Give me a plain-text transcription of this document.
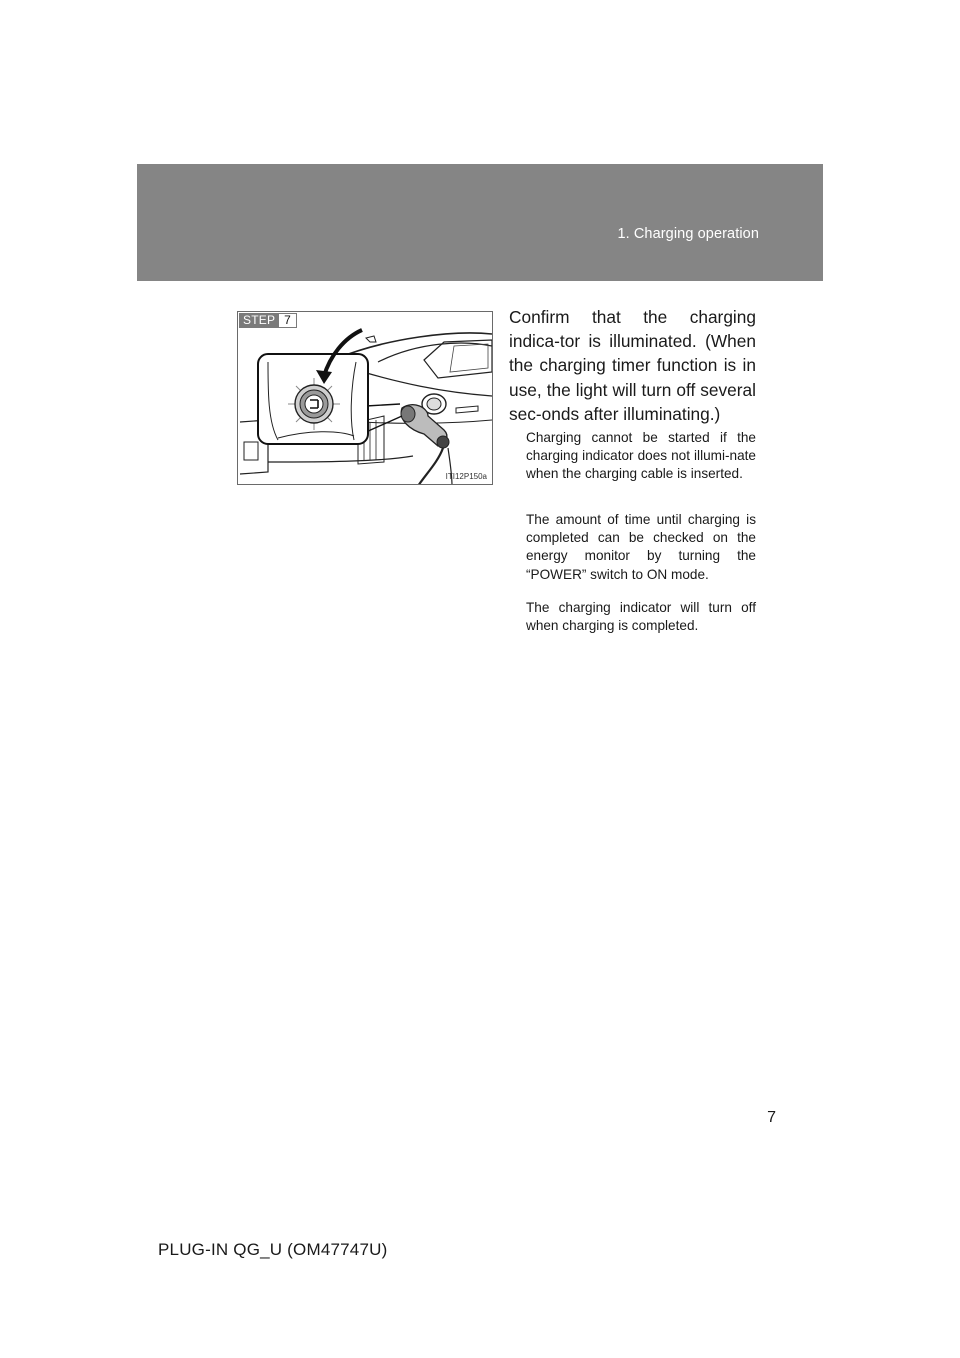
1. Charging operation
STEP 7
ITI12P150a
Confirm that the charging indica-tor is illuminated. (When the charging timer function is in use, the light will turn off several sec-onds after illuminating.)
Charging cannot be started if the charging indicator does not illumi-nate when the charging cable is inserted.
The amount of time until charging is completed can be checked on the energy monitor by turning the “POWER” switch to ON mode.
The charging indicator will turn off when charging is completed.
7
PLUG-IN QG_U (OM47747U)
